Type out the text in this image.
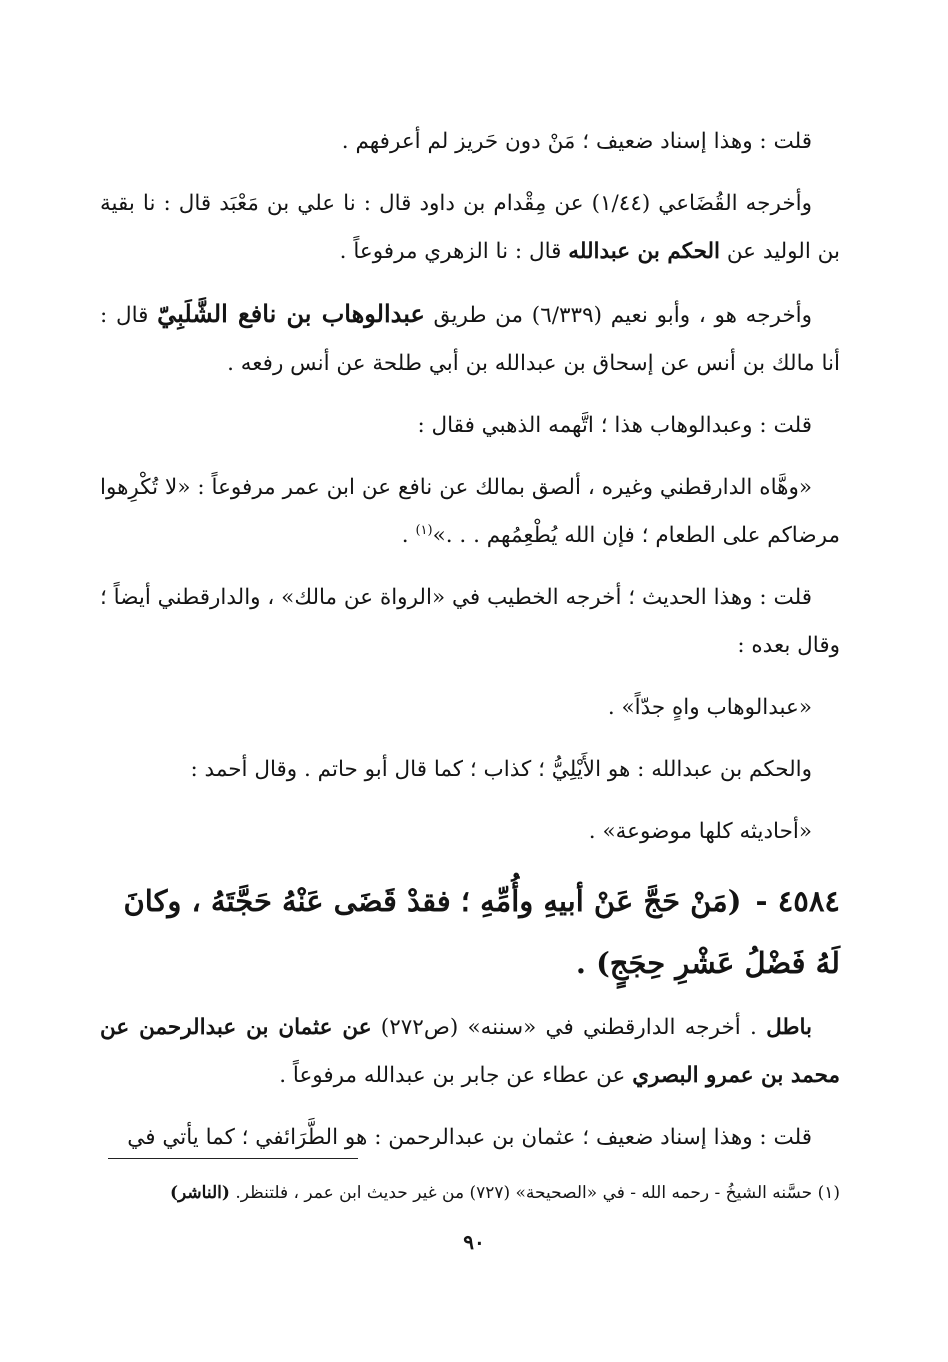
قلت : وهذا إسناد ضعيف ؛ مَنْ دون حَريز لم أعرفهم .

وأخرجه القُضَاعي (١/٤٤) عن مِقْدام بن داود قال : نا علي بن مَعْبَد قال : نا بقية بن الوليد عن الحكم بن عبدالله قال : نا الزهري مرفوعاً .

وأخرجه هو ، وأبو نعيم (٦/٣٣٩) من طريق عبدالوهاب بن نافع الشَّلَبِيّ قال : أنا مالك بن أنس عن إسحاق بن عبدالله بن أبي طلحة عن أنس رفعه .

قلت : وعبدالوهاب هذا ؛ اتَّهمه الذهبي فقال :

«وهَّاه الدارقطني وغيره ، ألصق بمالك عن نافع عن ابن عمر مرفوعاً : «لا تُكْرِهوا مرضاكم على الطعام ؛ فإن الله يُطْعِمُهم . . .»$^{(١)}$ .

قلت : وهذا الحديث ؛ أخرجه الخطيب في «الرواة عن مالك» ، والدارقطني أيضاً ؛ وقال بعده :

«عبدالوهاب واهٍ جدّاً» .

والحكم بن عبدالله : هو الأَيْلِيُّ ؛ كذاب ؛ كما قال أبو حاتم . وقال أحمد :

«أحاديثه كلها موضوعة» .

٤٥٨٤ - (مَنْ حَجَّ عَنْ أبيهِ وأُمِّهِ ؛ فقدْ قَضَى عَنْهُ حَجَّتَهُ ، وكانَ لَهُ فَضْلُ عَشْرِ حِجَجٍ) .

باطل . أخرجه الدارقطني في «سننه» (ص٢٧٢) عن عثمان بن عبدالرحمن عن محمد بن عمرو البصري عن عطاء عن جابر بن عبدالله مرفوعاً .

قلت : وهذا إسناد ضعيف ؛ عثمان بن عبدالرحمن : هو الطَّرَائفي ؛ كما يأتي في

(١) حسَّنه الشيخُ - رحمه الله - في «الصحيحة» (٧٢٧) من غير حديث ابن عمر ، فلتنظر. (الناشر)
٩٠
